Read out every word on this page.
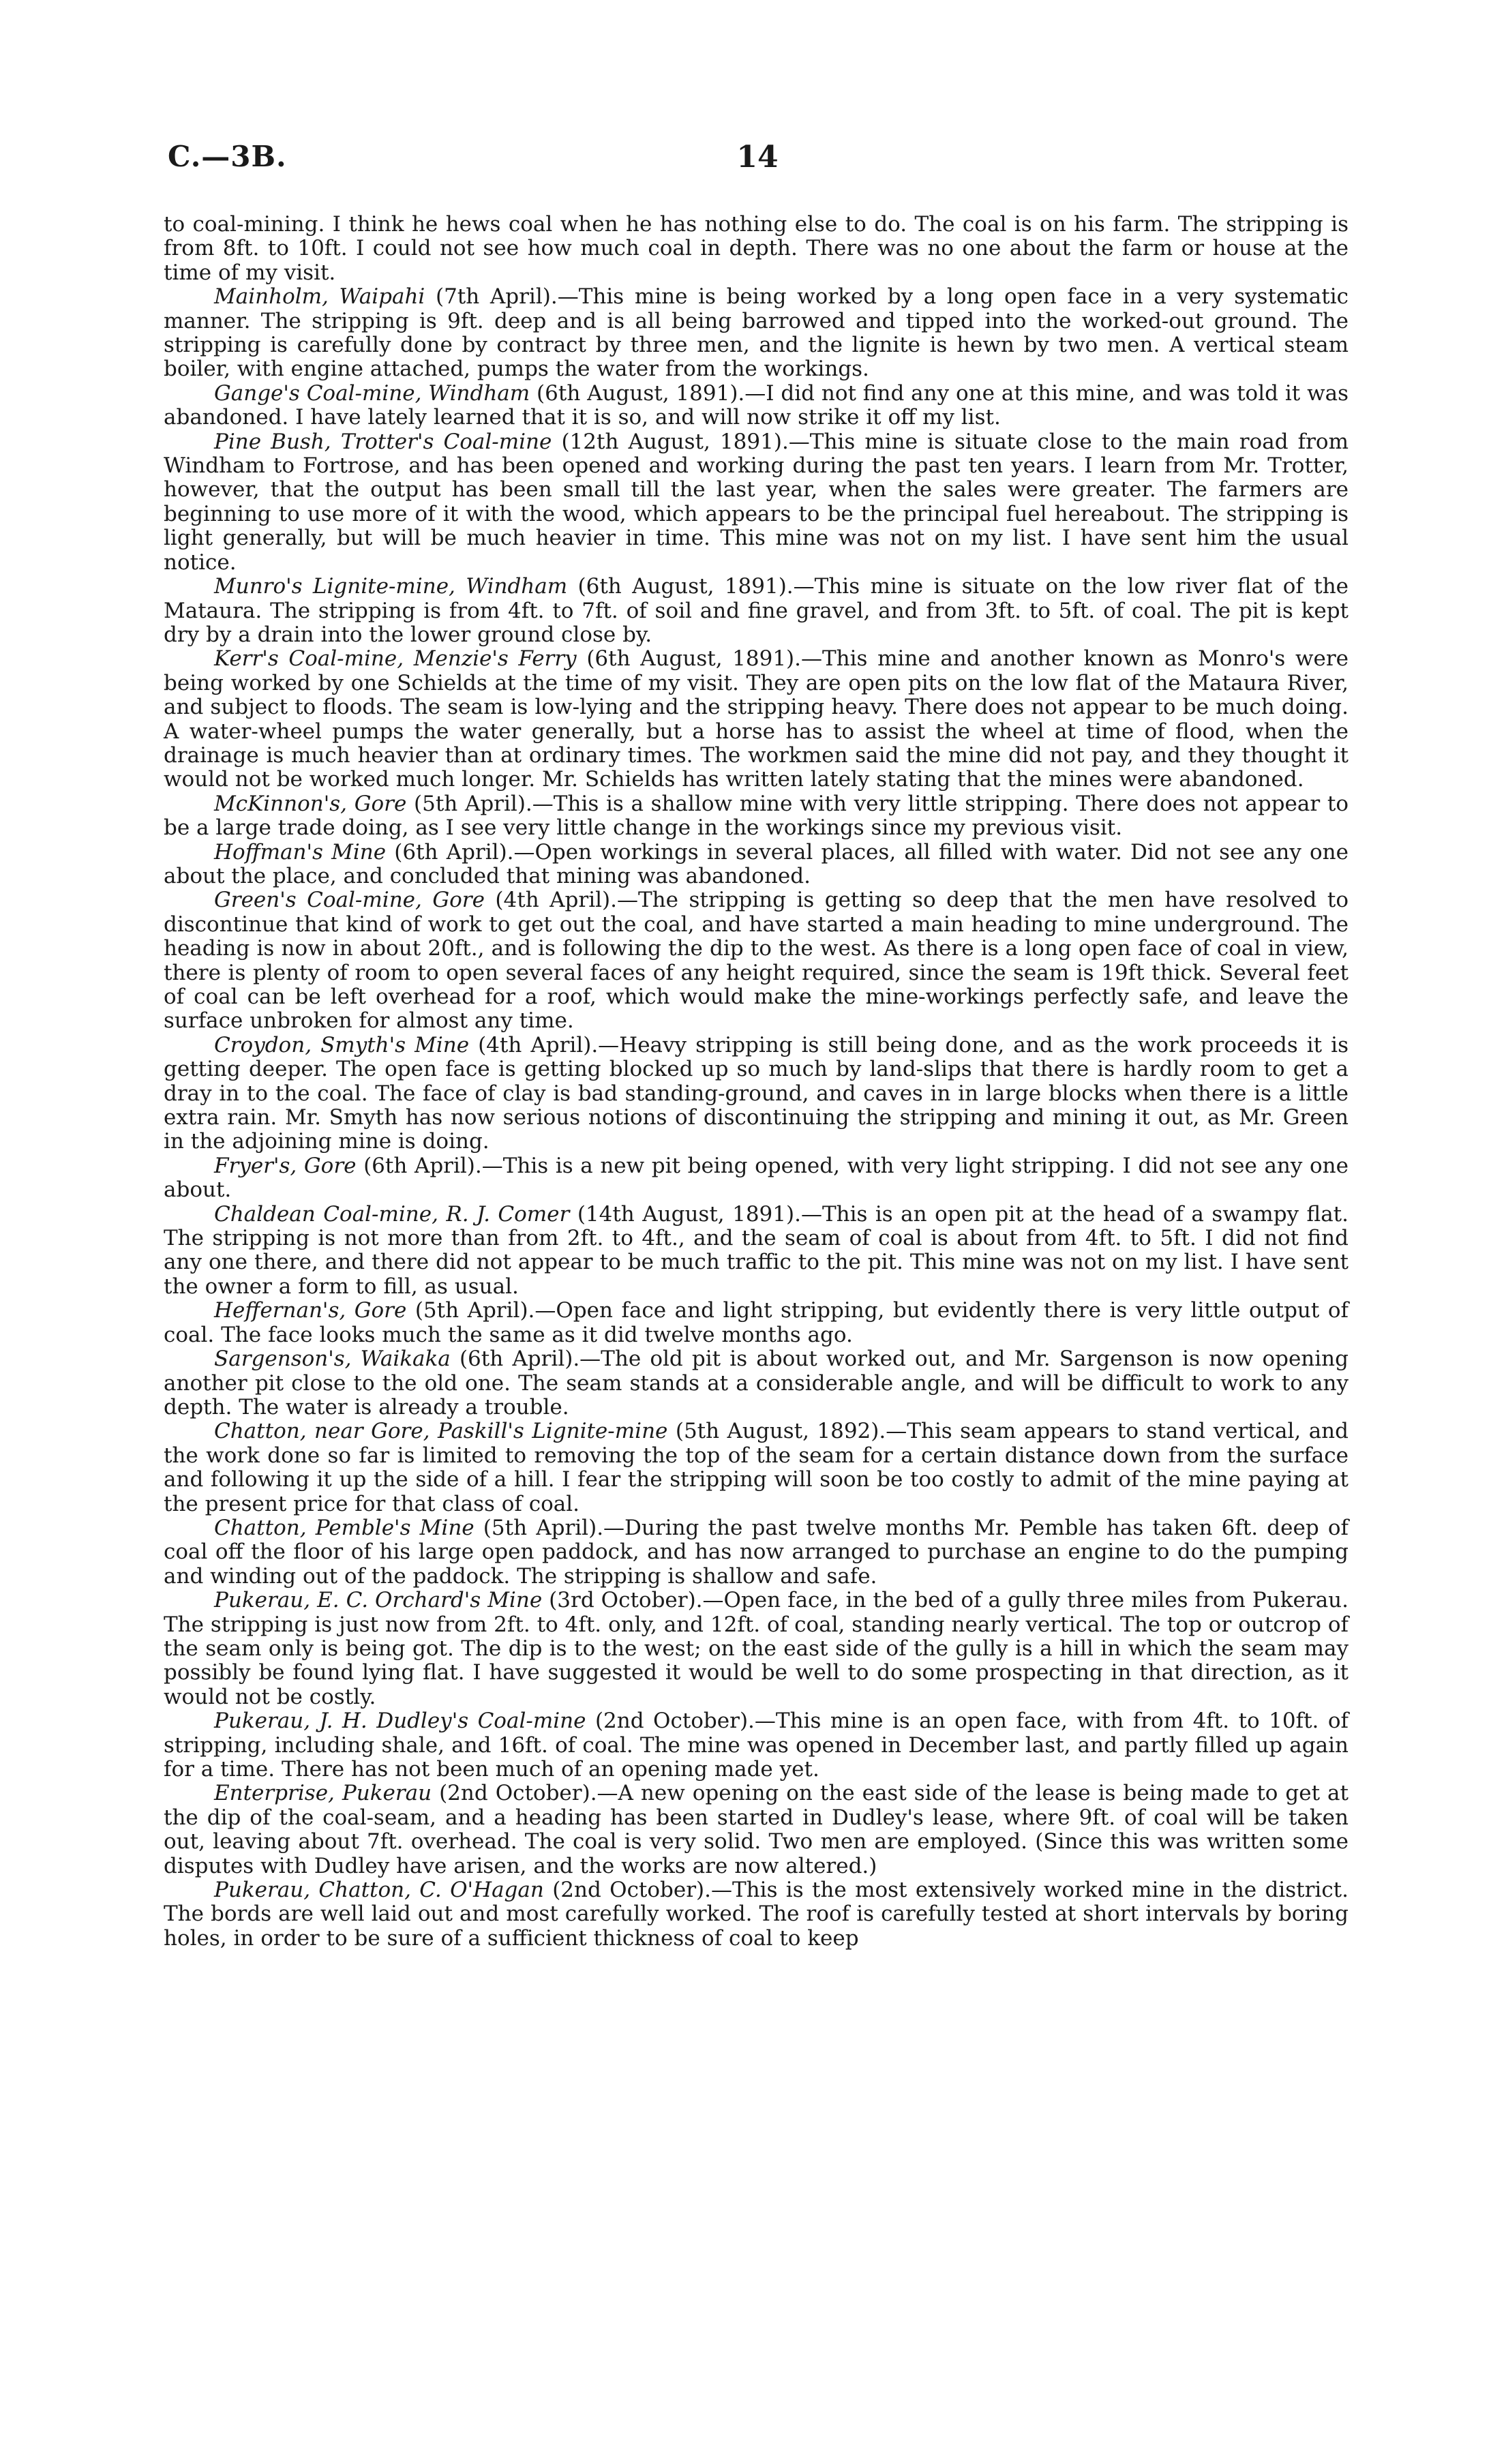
C.—3B.	14

to coal-mining. I think he hews coal when he has nothing else to do. The coal is on his farm. The stripping is from 8ft. to 10ft. I could not see how much coal in depth. There was no one about the farm or house at the time of my visit.

Mainholm, Waipahi (7th April).—This mine is being worked by a long open face in a very systematic manner. The stripping is 9ft. deep and is all being barrowed and tipped into the worked-out ground. The stripping is carefully done by contract by three men, and the lignite is hewn by two men. A vertical steam boiler, with engine attached, pumps the water from the workings.

Gange's Coal-mine, Windham (6th August, 1891).—I did not find any one at this mine, and was told it was abandoned. I have lately learned that it is so, and will now strike it off my list.

Pine Bush, Trotter's Coal-mine (12th August, 1891).—This mine is situate close to the main road from Windham to Fortrose, and has been opened and working during the past ten years. I learn from Mr. Trotter, however, that the output has been small till the last year, when the sales were greater. The farmers are beginning to use more of it with the wood, which appears to be the principal fuel hereabout. The stripping is light generally, but will be much heavier in time. This mine was not on my list. I have sent him the usual notice.

Munro's Lignite-mine, Windham (6th August, 1891).—This mine is situate on the low river flat of the Mataura. The stripping is from 4ft. to 7ft. of soil and fine gravel, and from 3ft. to 5ft. of coal. The pit is kept dry by a drain into the lower ground close by.

Kerr's Coal-mine, Menzie's Ferry (6th August, 1891).—This mine and another known as Monro's were being worked by one Schields at the time of my visit. They are open pits on the low flat of the Mataura River, and subject to floods. The seam is low-lying and the stripping heavy. There does not appear to be much doing. A water-wheel pumps the water generally, but a horse has to assist the wheel at time of flood, when the drainage is much heavier than at ordinary times. The workmen said the mine did not pay, and they thought it would not be worked much longer. Mr. Schields has written lately stating that the mines were abandoned.

McKinnon's, Gore (5th April).—This is a shallow mine with very little stripping. There does not appear to be a large trade doing, as I see very little change in the workings since my previous visit.

Hoffman's Mine (6th April).—Open workings in several places, all filled with water. Did not see any one about the place, and concluded that mining was abandoned.

Green's Coal-mine, Gore (4th April).—The stripping is getting so deep that the men have resolved to discontinue that kind of work to get out the coal, and have started a main heading to mine underground. The heading is now in about 20ft., and is following the dip to the west. As there is a long open face of coal in view, there is plenty of room to open several faces of any height required, since the seam is 19ft thick. Several feet of coal can be left overhead for a roof, which would make the mine-workings perfectly safe, and leave the surface unbroken for almost any time.

Croydon, Smyth's Mine (4th April).—Heavy stripping is still being done, and as the work proceeds it is getting deeper. The open face is getting blocked up so much by land-slips that there is hardly room to get a dray in to the coal. The face of clay is bad standing-ground, and caves in in large blocks when there is a little extra rain. Mr. Smyth has now serious notions of discontinuing the stripping and mining it out, as Mr. Green in the adjoining mine is doing.

Fryer's, Gore (6th April).—This is a new pit being opened, with very light stripping. I did not see any one about.

Chaldean Coal-mine, R. J. Comer (14th August, 1891).—This is an open pit at the head of a swampy flat. The stripping is not more than from 2ft. to 4ft., and the seam of coal is about from 4ft. to 5ft. I did not find any one there, and there did not appear to be much traffic to the pit. This mine was not on my list. I have sent the owner a form to fill, as usual.

Heffernan's, Gore (5th April).—Open face and light stripping, but evidently there is very little output of coal. The face looks much the same as it did twelve months ago.

Sargenson's, Waikaka (6th April).—The old pit is about worked out, and Mr. Sargenson is now opening another pit close to the old one. The seam stands at a considerable angle, and will be difficult to work to any depth. The water is already a trouble.

Chatton, near Gore, Paskill's Lignite-mine (5th August, 1892).—This seam appears to stand vertical, and the work done so far is limited to removing the top of the seam for a certain distance down from the surface and following it up the side of a hill. I fear the stripping will soon be too costly to admit of the mine paying at the present price for that class of coal.

Chatton, Pemble's Mine (5th April).—During the past twelve months Mr. Pemble has taken 6ft. deep of coal off the floor of his large open paddock, and has now arranged to purchase an engine to do the pumping and winding out of the paddock. The stripping is shallow and safe.

Pukerau, E. C. Orchard's Mine (3rd October).—Open face, in the bed of a gully three miles from Pukerau. The stripping is just now from 2ft. to 4ft. only, and 12ft. of coal, standing nearly vertical. The top or outcrop of the seam only is being got. The dip is to the west; on the east side of the gully is a hill in which the seam may possibly be found lying flat. I have suggested it would be well to do some prospecting in that direction, as it would not be costly.

Pukerau, J. H. Dudley's Coal-mine (2nd October).—This mine is an open face, with from 4ft. to 10ft. of stripping, including shale, and 16ft. of coal. The mine was opened in December last, and partly filled up again for a time. There has not been much of an opening made yet.

Enterprise, Pukerau (2nd October).—A new opening on the east side of the lease is being made to get at the dip of the coal-seam, and a heading has been started in Dudley's lease, where 9ft. of coal will be taken out, leaving about 7ft. overhead. The coal is very solid. Two men are employed. (Since this was written some disputes with Dudley have arisen, and the works are now altered.)

Pukerau, Chatton, C. O'Hagan (2nd October).—This is the most extensively worked mine in the district. The bords are well laid out and most carefully worked. The roof is carefully tested at short intervals by boring holes, in order to be sure of a sufficient thickness of coal to keep
